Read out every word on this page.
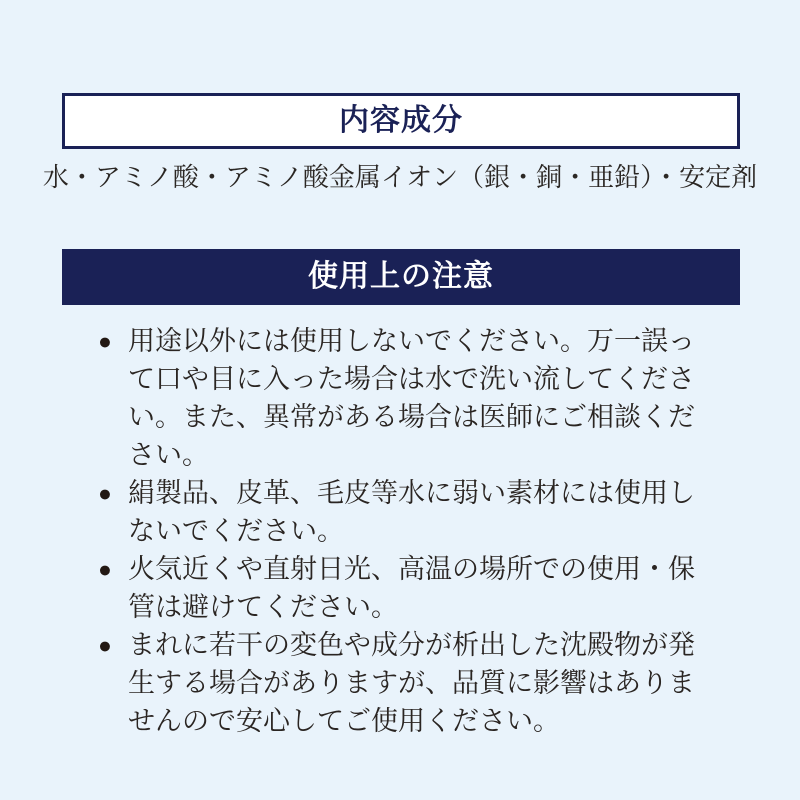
内容成分
水・アミノ酸・アミノ酸金属イオン（銀・銅・亜鉛）・安定剤
使用上の注意
● 用途以外には使用しないでください。万一誤って口や目に入った場合は水で洗い流してください。また、異常がある場合は医師にご相談ください。
● 絹製品、皮革、毛皮等水に弱い素材には使用しないでください。
● 火気近くや直射日光、高温の場所での使用・保管は避けてください。
● まれに若干の変色や成分が析出した沈殿物が発生する場合がありますが、品質に影響はありませんので安心してご使用ください。
